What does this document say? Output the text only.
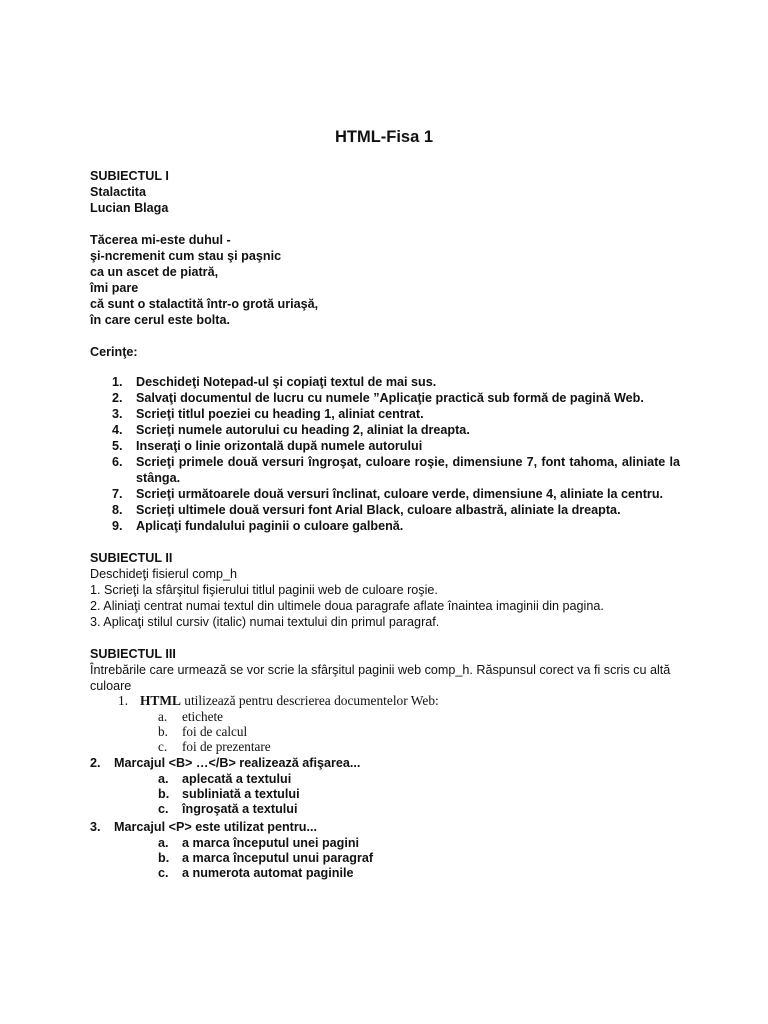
HTML-Fisa 1
SUBIECTUL I
Stalactita
Lucian Blaga
Tăcerea mi-este duhul -
şi-ncremenit cum stau şi paşnic
ca un ascet de piatră,
îmi pare
că sunt o stalactită într-o grotă uriaşă,
în care cerul este bolta.
Cerinţe:
1. Deschideţi Notepad-ul şi copiaţi textul de mai sus.
2. Salvaţi documentul de lucru cu numele ”Aplicaţie practică sub formă de pagină Web.
3. Scrieţi titlul poeziei cu heading 1, aliniat centrat.
4. Scrieţi numele autorului cu heading 2, aliniat la dreapta.
5. Inseraţi o linie orizontală după numele autorului
6. Scrieţi primele două versuri îngroşat, culoare roşie, dimensiune 7, font tahoma, aliniate la stânga.
7. Scrieţi următoarele două versuri înclinat, culoare verde, dimensiune 4, aliniate la centru.
8. Scrieţi ultimele două versuri font Arial Black, culoare albastră, aliniate la dreapta.
9. Aplicaţi fundalului paginii o culoare galbenă.
SUBIECTUL II
Deschideţi fisierul comp_h
1. Scrieţi la sfârşitul fişierului titlul paginii web de culoare roşie.
2. Aliniaţi centrat numai textul din ultimele doua paragrafe aflate înaintea imaginii din pagina.
3. Aplicaţi stilul cursiv (italic) numai textului din primul paragraf.
SUBIECTUL III
Întrebările care urmează se vor scrie la sfârşitul paginii web comp_h. Răspunsul corect va fi scris cu altă culoare
1. HTML utilizează pentru descrierea documentelor Web:
a. etichete
b. foi de calcul
c. foi de prezentare
2. Marcajul <B> …</B> realizează afişarea...
a. aplecată a textului
b. subliniată a textului
c. îngroşată a textului
3. Marcajul <P> este utilizat pentru...
a. a marca începutul unei pagini
b. a marca începutul unui paragraf
c. a numerota automat paginile
